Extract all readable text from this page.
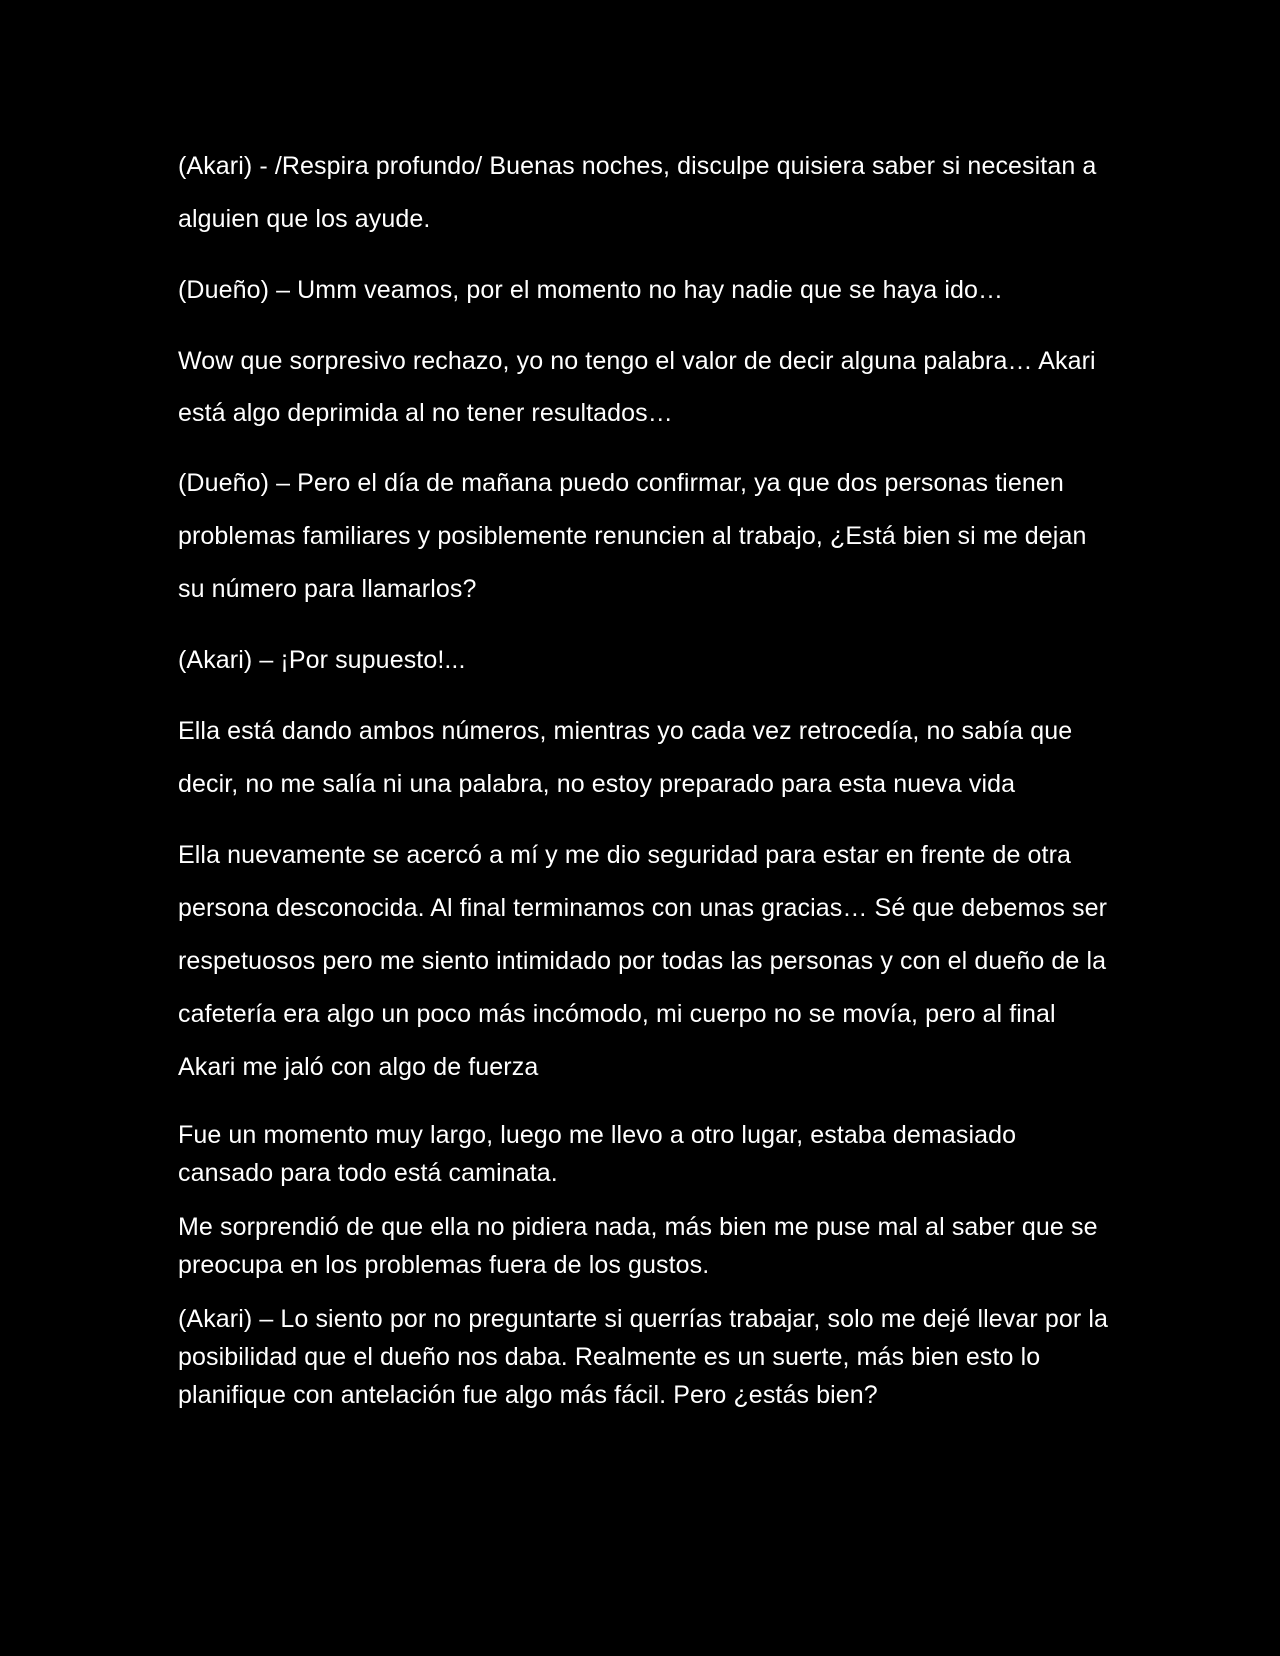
(Akari) - /Respira profundo/ Buenas noches, disculpe quisiera saber si necesitan a alguien que los ayude.

(Dueño) – Umm veamos, por el momento no hay nadie que se haya ido…

Wow que sorpresivo rechazo, yo no tengo el valor de decir alguna palabra… Akari está algo deprimida al no tener resultados…

(Dueño) – Pero el día de mañana puedo confirmar, ya que dos personas tienen problemas familiares y posiblemente renuncien al trabajo, ¿Está bien si me dejan su número para llamarlos?

(Akari) – ¡Por supuesto!...

Ella está dando ambos números, mientras yo cada vez retrocedía, no sabía que decir, no me salía ni una palabra, no estoy preparado para esta nueva vida

Ella nuevamente se acercó a mí y me dio seguridad para estar en frente de otra persona desconocida. Al final terminamos con unas gracias… Sé que debemos ser respetuosos pero me siento intimidado por todas las personas y con el dueño de la cafetería era algo un poco más incómodo, mi cuerpo no se movía, pero al final Akari me jaló con algo de fuerza

Fue un momento muy largo, luego me llevo a otro lugar, estaba demasiado cansado para todo está caminata.

Me sorprendió de que ella no pidiera nada, más bien me puse mal al saber que se preocupa en los problemas fuera de los gustos.

(Akari) – Lo siento por no preguntarte si querrías trabajar, solo me dejé llevar por la posibilidad que el dueño nos daba. Realmente es un suerte, más bien esto lo planifique con antelación fue algo más fácil. Pero ¿estás bien?
